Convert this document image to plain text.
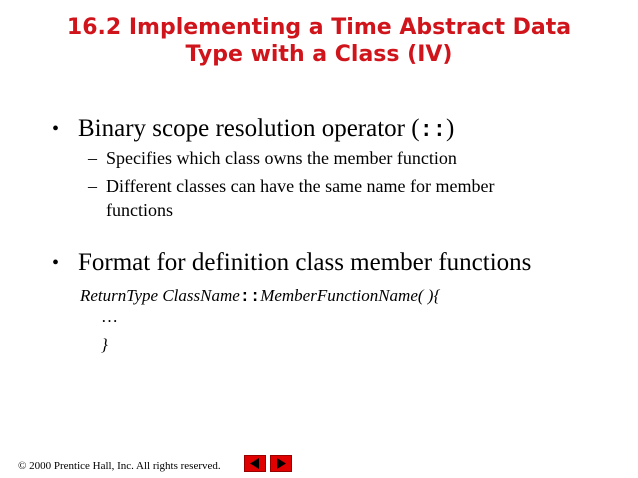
16.2 Implementing a Time Abstract Data
Type with a Class (IV)
• Binary scope resolution operator (::)
– Specifies which class owns the member function
– Different classes can have the same name for member functions
• Format for definition class member functions
ReturnType ClassName::MemberFunctionName( ){
…
}
© 2000 Prentice Hall, Inc. All rights reserved.
